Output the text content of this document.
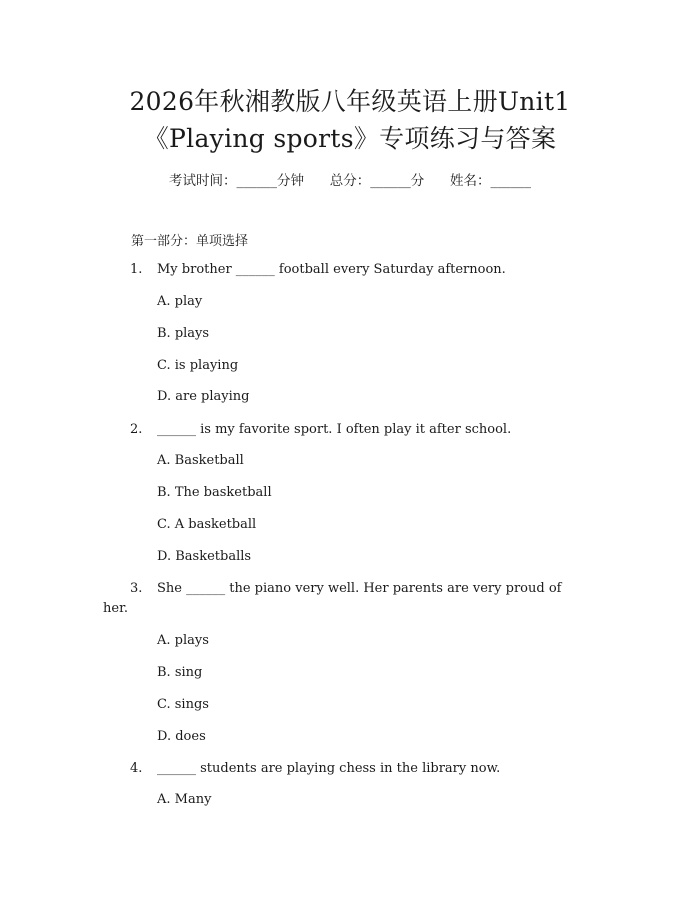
2026年秋湘教版八年级英语上册Unit1
《Playing sports》专项练习与答案
考试时间：______分钟      总分：______分      姓名：______
第一部分：单项选择
1. My brother ______ football every Saturday afternoon.
A. play
B. plays
C. is playing
D. are playing
2. ______ is my favorite sport. I often play it after school.
A. Basketball
B. The basketball
C. A basketball
D. Basketballs
3. She ______ the piano very well. Her parents are very proud of
her.
A. plays
B. sing
C. sings
D. does
4. ______ students are playing chess in the library now.
A. Many
